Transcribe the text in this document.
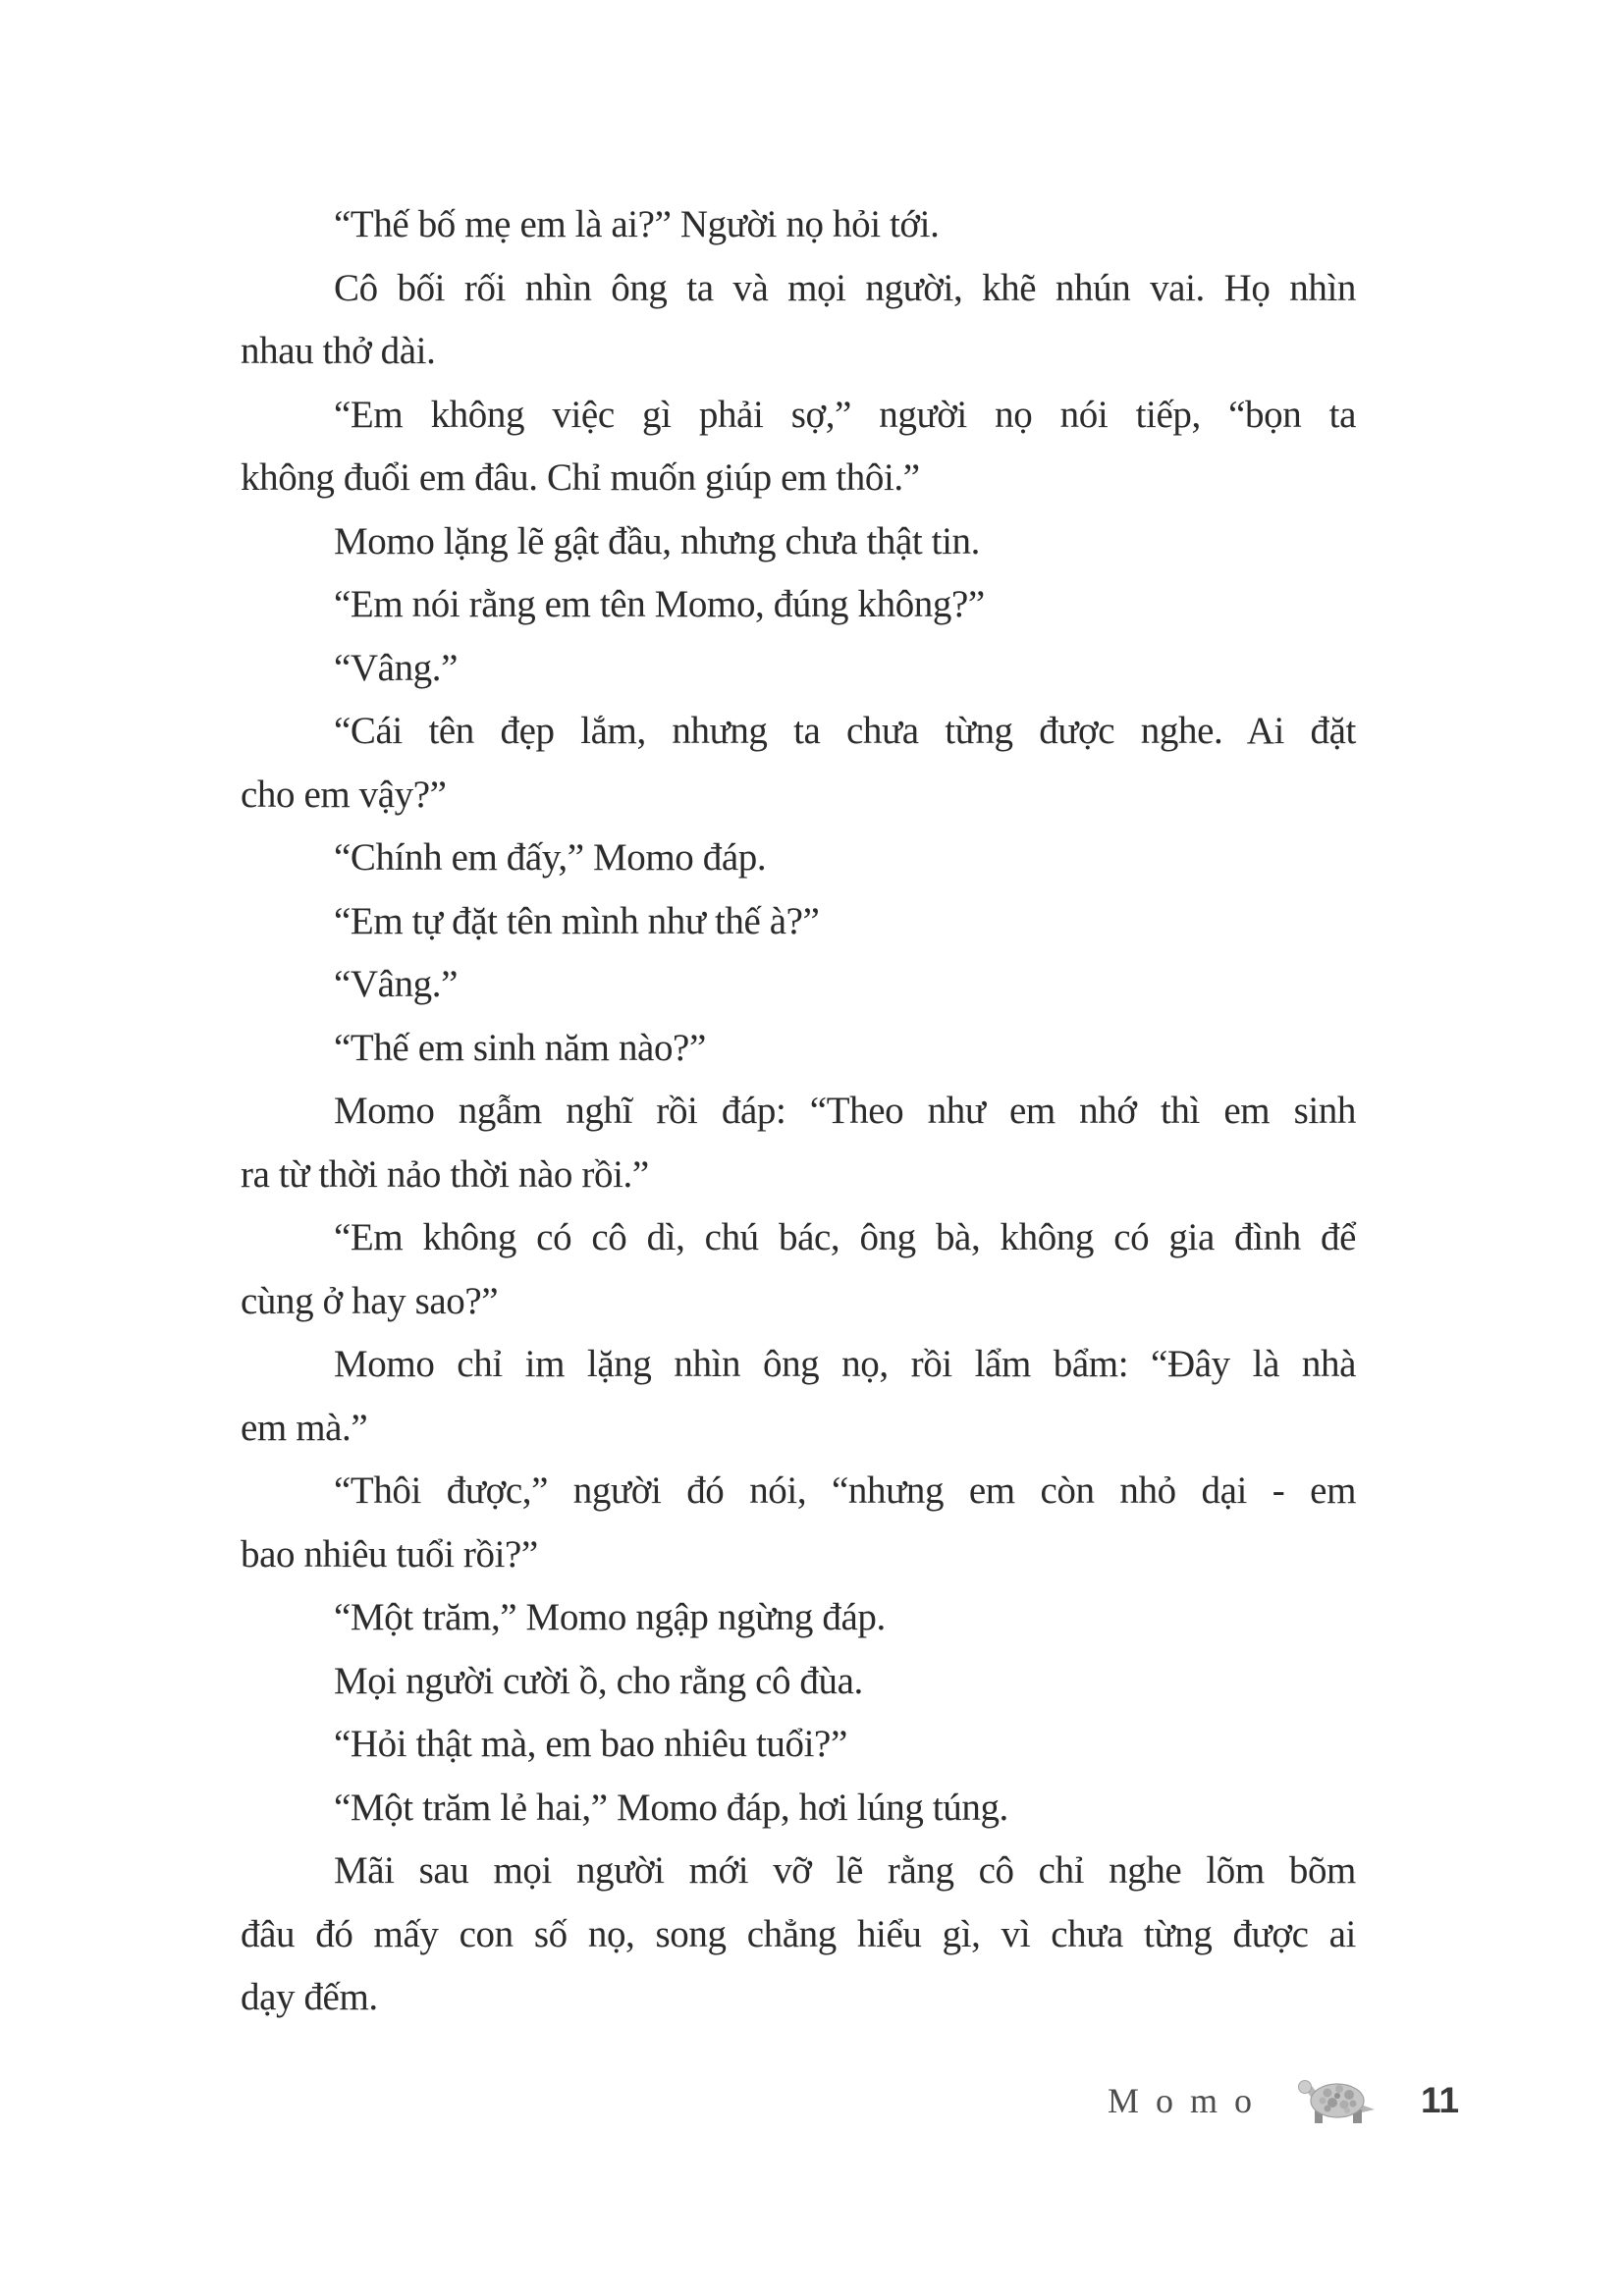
“Thế bố mẹ em là ai?” Người nọ hỏi tới.
Cô bối rối nhìn ông ta và mọi người, khẽ nhún vai. Họ nhìn
nhau thở dài.
“Em không việc gì phải sợ,” người nọ nói tiếp, “bọn ta
không đuổi em đâu. Chỉ muốn giúp em thôi.”
Momo lặng lẽ gật đầu, nhưng chưa thật tin.
“Em nói rằng em tên Momo, đúng không?”
“Vâng.”
“Cái tên đẹp lắm, nhưng ta chưa từng được nghe. Ai đặt
cho em vậy?”
“Chính em đấy,” Momo đáp.
“Em tự đặt tên mình như thế à?”
“Vâng.”
“Thế em sinh năm nào?”
Momo ngẫm nghĩ rồi đáp: “Theo như em nhớ thì em sinh
ra từ thời nảo thời nào rồi.”
“Em không có cô dì, chú bác, ông bà, không có gia đình để
cùng ở hay sao?”
Momo chỉ im lặng nhìn ông nọ, rồi lẩm bẩm: “Đây là nhà
em mà.”
“Thôi được,” người đó nói, “nhưng em còn nhỏ dại - em
bao nhiêu tuổi rồi?”
“Một trăm,” Momo ngập ngừng đáp.
Mọi người cười ồ, cho rằng cô đùa.
“Hỏi thật mà, em bao nhiêu tuổi?”
“Một trăm lẻ hai,” Momo đáp, hơi lúng túng.
Mãi sau mọi người mới vỡ lẽ rằng cô chỉ nghe lõm bõm
đâu đó mấy con số nọ, song chẳng hiểu gì, vì chưa từng được ai
dạy đếm.
Momo	11
